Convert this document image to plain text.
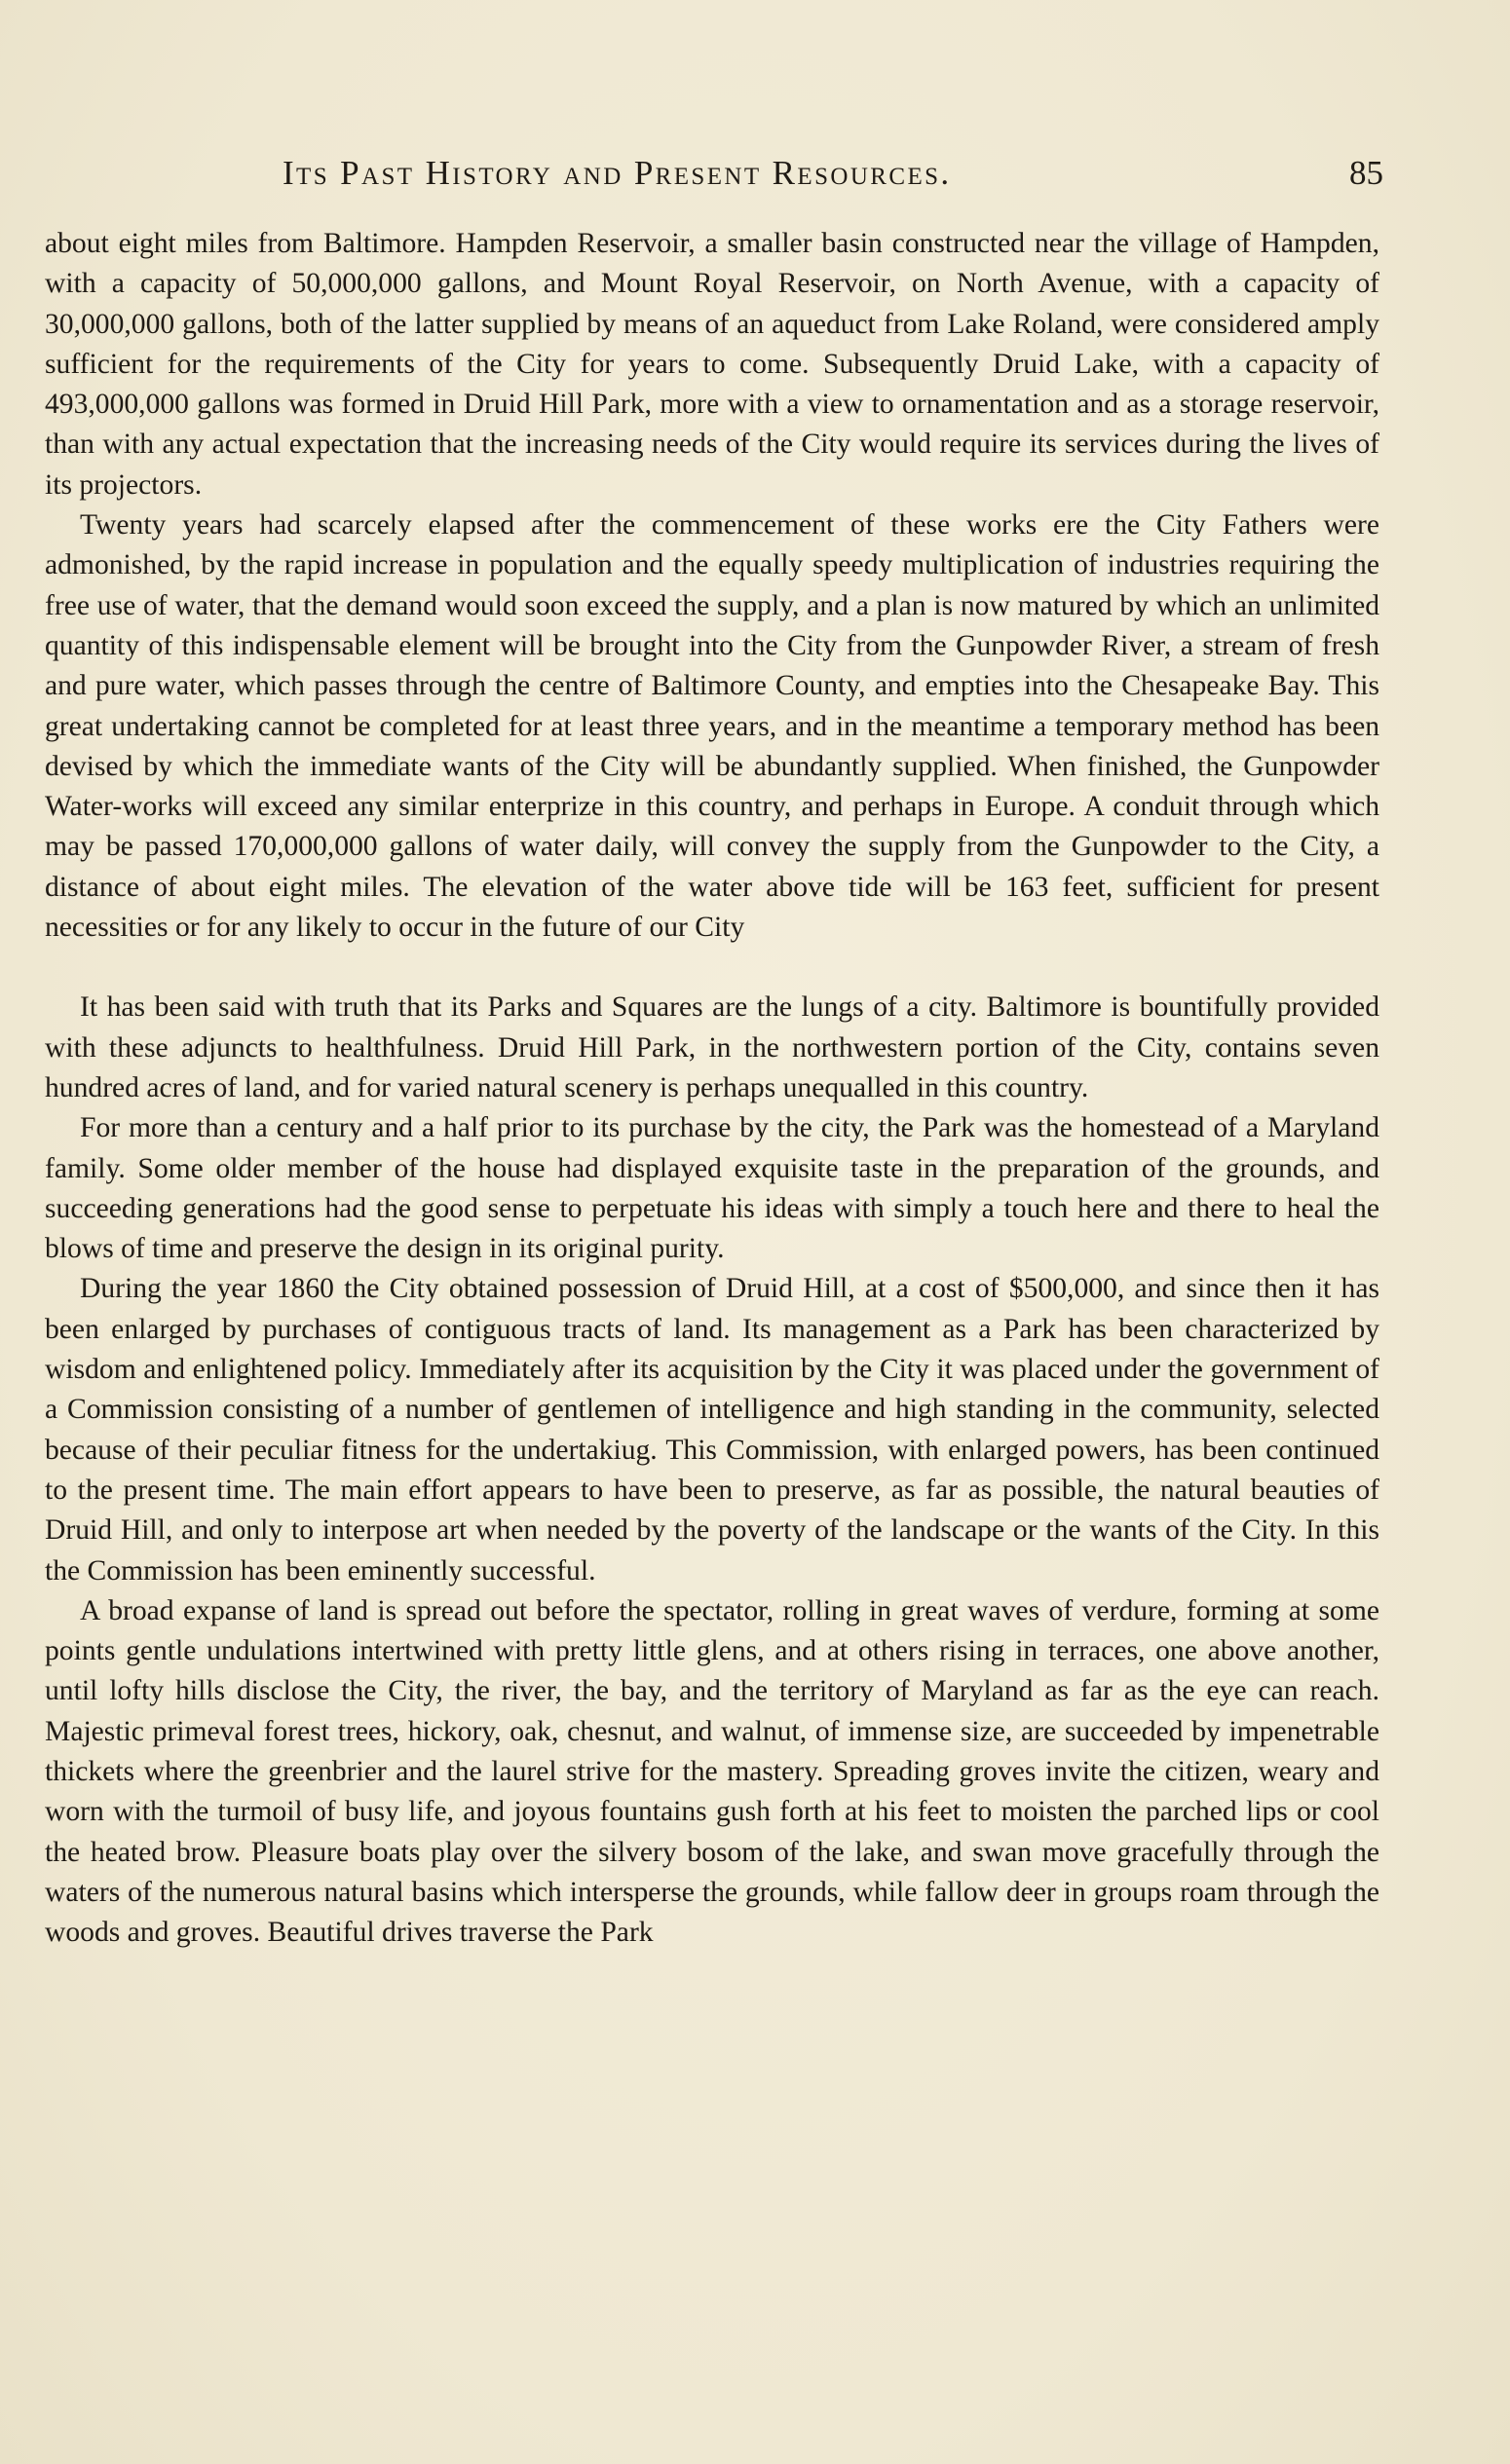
Its Past History and Present Resources.	85

about eight miles from Baltimore. Hampden Reservoir, a smaller basin constructed near the village of Hampden, with a capacity of 50,000,000 gallons, and Mount Royal Reservoir, on North Avenue, with a capacity of 30,000,000 gallons, both of the latter supplied by means of an aqueduct from Lake Roland, were considered amply sufficient for the requirements of the City for years to come. Subsequently Druid Lake, with a capacity of 493,000,000 gallons was formed in Druid Hill Park, more with a view to ornamentation and as a storage reservoir, than with any actual expectation that the increasing needs of the City would require its services during the lives of its projectors.

Twenty years had scarcely elapsed after the commencement of these works ere the City Fathers were admonished, by the rapid increase in population and the equally speedy multiplication of industries requiring the free use of water, that the demand would soon exceed the supply, and a plan is now matured by which an unlimited quantity of this indispensable element will be brought into the City from the Gunpowder River, a stream of fresh and pure water, which passes through the centre of Baltimore County, and empties into the Chesapeake Bay. This great undertaking cannot be completed for at least three years, and in the meantime a temporary method has been devised by which the immediate wants of the City will be abundantly supplied. When finished, the Gunpowder Water-works will exceed any similar enterprize in this country, and perhaps in Europe. A conduit through which may be passed 170,000,000 gallons of water daily, will convey the supply from the Gunpowder to the City, a distance of about eight miles. The elevation of the water above tide will be 163 feet, sufficient for present necessities or for any likely to occur in the future of our City

It has been said with truth that its Parks and Squares are the lungs of a city. Baltimore is bountifully provided with these adjuncts to healthfulness. Druid Hill Park, in the northwestern portion of the City, contains seven hundred acres of land, and for varied natural scenery is perhaps unequalled in this country.

For more than a century and a half prior to its purchase by the city, the Park was the homestead of a Maryland family. Some older member of the house had displayed exquisite taste in the preparation of the grounds, and succeeding generations had the good sense to perpetuate his ideas with simply a touch here and there to heal the blows of time and preserve the design in its original purity.

During the year 1860 the City obtained possession of Druid Hill, at a cost of $500,000, and since then it has been enlarged by purchases of contiguous tracts of land. Its management as a Park has been characterized by wisdom and enlightened policy. Immediately after its acquisition by the City it was placed under the government of a Commission consisting of a number of gentlemen of intelligence and high standing in the community, selected because of their peculiar fitness for the undertakiug. This Commission, with enlarged powers, has been continued to the present time. The main effort appears to have been to preserve, as far as possible, the natural beauties of Druid Hill, and only to interpose art when needed by the poverty of the landscape or the wants of the City. In this the Commission has been eminently successful.

A broad expanse of land is spread out before the spectator, rolling in great waves of verdure, forming at some points gentle undulations intertwined with pretty little glens, and at others rising in terraces, one above another, until lofty hills disclose the City, the river, the bay, and the territory of Maryland as far as the eye can reach. Majestic primeval forest trees, hickory, oak, chesnut, and walnut, of immense size, are succeeded by impenetrable thickets where the greenbrier and the laurel strive for the mastery. Spreading groves invite the citizen, weary and worn with the turmoil of busy life, and joyous fountains gush forth at his feet to moisten the parched lips or cool the heated brow. Pleasure boats play over the silvery bosom of the lake, and swan move gracefully through the waters of the numerous natural basins which intersperse the grounds, while fallow deer in groups roam through the woods and groves. Beautiful drives traverse the Park
